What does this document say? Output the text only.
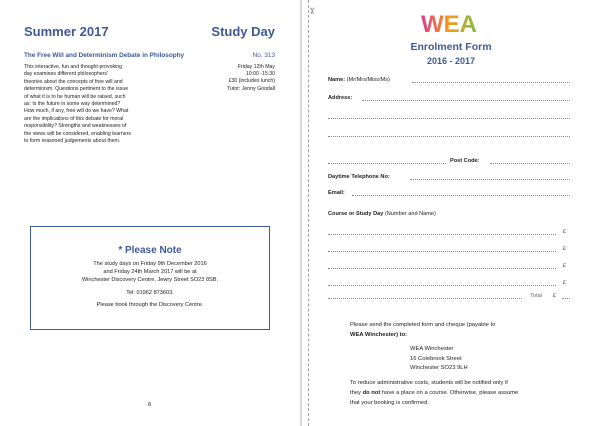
Summer 2017	Study Day
The Free Will and Determinism Debate in Philosophy	No. 313
This interactive, fun and thought-provoking
day examines different philosophers'
theories about the concepts of free will and
determinism. Questions pertinent to the issue
of what it is to be human will be raised, such
as: Is the future in some way determined?
How much, if any, free will do we have? What
are the implications of this debate for moral
responsibility? Strengths and weaknesses of
the views will be considered, enabling learners
to form reasoned judgements about them.
Friday 12th May
10:00 -15:30
£30 (includes lunch)
Tutor: Jenny Goodall
* Please Note

The study days on Friday 9th December 2016

and Friday 24th March 2017 will be at

Winchester Discovery Centre, Jewry Street SO23 8SB.

Tel: 01962 873603.

Please book through the Discovery Centre.

6
✂	WEA
Enrolment Form
2016 - 2017
Name: (Mr/Mrs/Miss/Ms)
Address:
Post Code:
Daytime Telephone No:
Email:
Course or Study Day (Number and Name)
£
£
£
£
Total £
Please send the completed form and cheque (payable to
WEA Winchester) to:
WEA Winchester
16 Colebrook Street
Winchester SO23 9LH
To reduce administrative costs, students will be notified only if
they do not have a place on a course. Otherwise, please assume
that your booking is confirmed.
